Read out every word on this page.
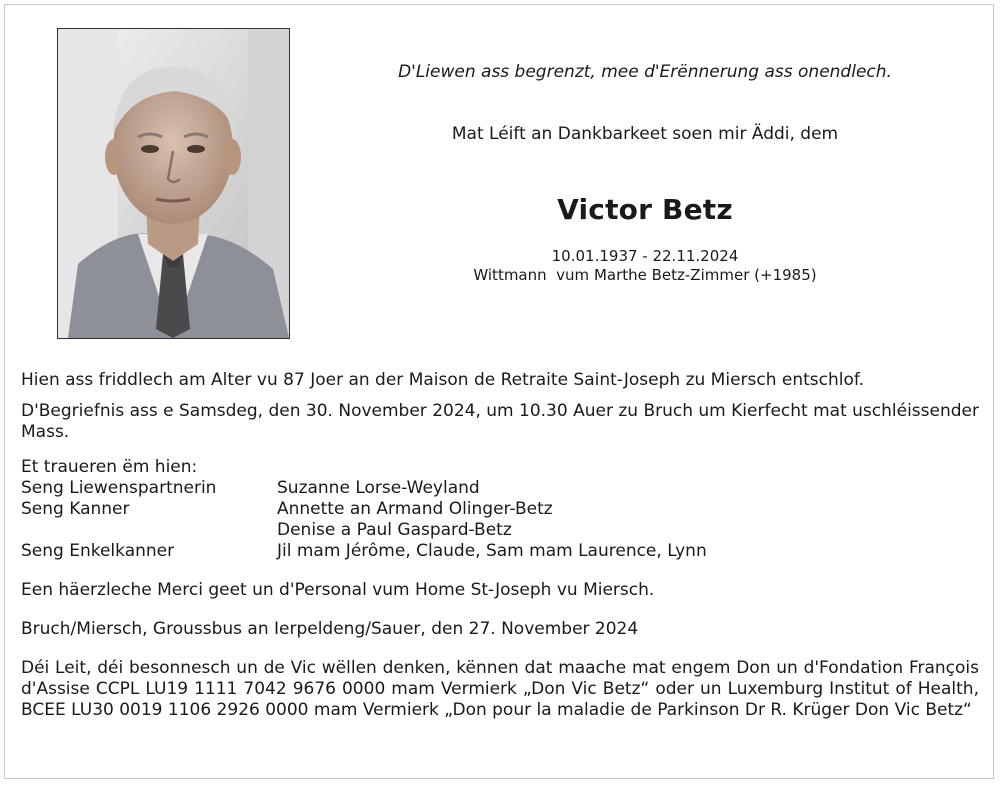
D'Liewen ass begrenzt, mee d'Erënnerung ass onendlech.
Mat Léift an Dankbarkeet soen mir Äddi, dem
Victor Betz
10.01.1937 - 22.11.2024
Wittmann  vum Marthe Betz-Zimmer (+1985)

Hien ass friddlech am Alter vu 87 Joer an der Maison de Retraite Saint-Joseph zu Miersch entschlof.

D'Begriefnis ass e Samsdeg, den 30. November 2024, um 10.30 Auer zu Bruch um Kierfecht mat uschléissender Mass.

Et traueren ëm hien:

Seng Liewenspartnerin	Suzanne Lorse-Weyland
Seng Kanner	Annette an Armand Olinger-Betz
Denise a Paul Gaspard-Betz
Seng Enkelkanner	Jil mam Jérôme, Claude, Sam mam Laurence, Lynn

Een häerzleche Merci geet un d'Personal vum Home St-Joseph vu Miersch.

Bruch/Miersch, Groussbus an Ierpeldeng/Sauer, den 27. November 2024

Déi Leit, déi besonnesch un de Vic wëllen denken, kënnen dat maache mat engem Don un d'Fondation François d'Assise CCPL LU19 1111 7042 9676 0000 mam Vermierk „Don Vic Betz“ oder un Luxemburg Institut of Health, BCEE LU30 0019 1106 2926 0000 mam Vermierk „Don pour la maladie de Parkinson Dr R. Krüger Don Vic Betz“
